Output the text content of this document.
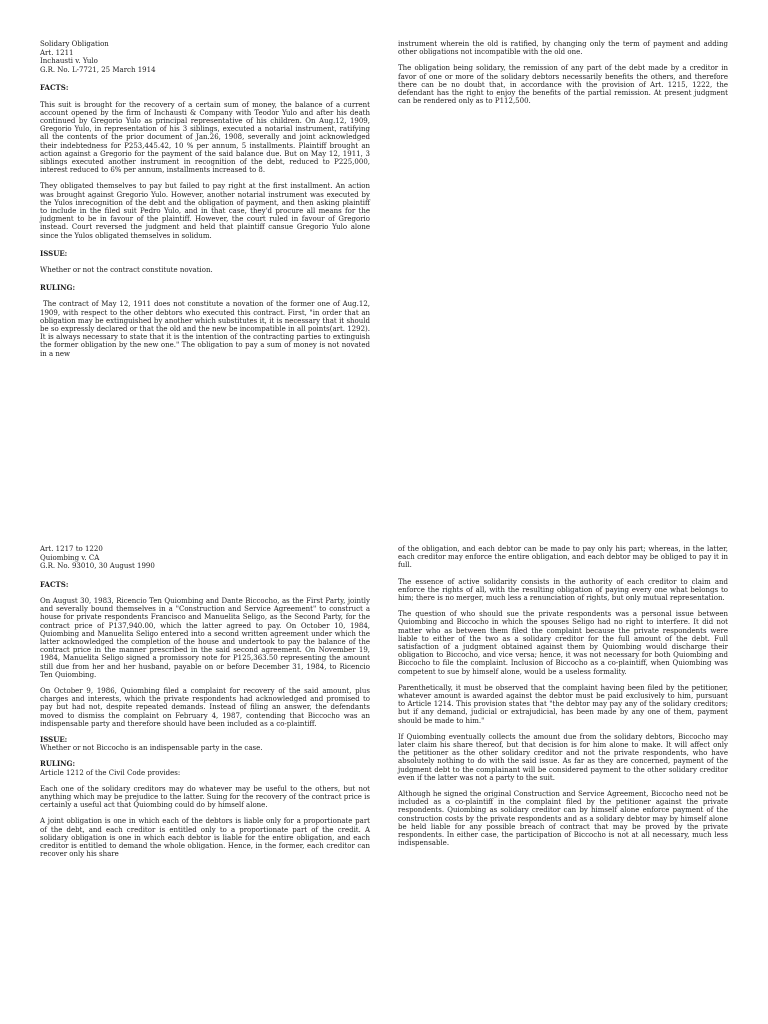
Solidary Obligation
Art. 1211
Inchausti v. Yulo
G.R. No. L-7721, 25 March 1914
FACTS:

This suit is brought for the recovery of a certain sum of money, the balance of a current account opened by the firm of Inchausti & Company with Teodor Yulo and after his death continued by Gregorio Yulo as principal representative of his children. On Aug.12, 1909, Gregorio Yulo, in representation of his 3 siblings, executed a notarial instrument, ratifying all the contents of the prior document of Jan.26, 1908, severally and joint acknowledged their indebtedness for P253,445.42, 10 % per annum, 5 installments. Plaintiff brought an action against a Gregorio for the payment of the said balance due. But on May 12, 1911, 3 siblings executed another instrument in recognition of the debt, reduced to P225,000, interest reduced to 6% per annum, installments increased to 8.

They obligated themselves to pay but failed to pay right at the first installment. An action was brought against Gregorio Yulo. However, another notarial instrument was executed by the Yulos inrecognition of the debt and the obligation of payment, and then asking plaintiff to include in the filed suit Pedro Yulo, and in that case, they'd procure all means for the judgment to be in favour of the plaintiff. However, the court ruled in favour of Gregorio instead. Court reversed the judgment and held that plaintiff cansue Gregorio Yulo alone since the Yulos obligated themselves in solidum.

ISSUE:

Whether or not the contract constitute novation.

RULING:

The contract of May 12, 1911 does not constitute a novation of the former one of Aug.12, 1909, with respect to the other debtors who executed this contract. First, "in order that an obligation may be extinguished by another which substitutes it, it is necessary that it should be so expressly declared or that the old and the new be incompatible in all points(art. 1292). It is always necessary to state that it is the intention of the contracting parties to extinguish the former obligation by the new one." The obligation to pay a sum of money is not novated in a new

instrument wherein the old is ratified, by changing only the term of payment and adding other obligations not incompatible with the old one.

The obligation being solidary, the remission of any part of the debt made by a creditor in favor of one or more of the solidary debtors necessarily benefits the others, and therefore there can be no doubt that, in accordance with the provision of Art. 1215, 1222, the defendant has the right to enjoy the benefits of the partial remission. At present judgment can be rendered only as to P112,500.

Art. 1217 to 1220
Quiombing v. CA
G.R. No. 93010, 30 August 1990
FACTS:

On August 30, 1983, Ricencio Ten Quiombing and Dante Biccocho, as the First Party, jointly and severally bound themselves in a "Construction and Service Agreement" to construct a house for private respondents Francisco and Manuelita Seligo, as the Second Party, for the contract price of P137,940.00, which the latter agreed to pay. On October 10, 1984, Quiombing and Manuelita Seligo entered into a second written agreement under which the latter acknowledged the completion of the house and undertook to pay the balance of the contract price in the manner prescribed in the said second agreement. On November 19, 1984, Manuelita Seligo signed a promissory note for P125,363.50 representing the amount still due from her and her husband, payable on or before December 31, 1984, to Ricencio Ten Quiombing.

On October 9, 1986, Quiombing filed a complaint for recovery of the said amount, plus charges and interests, which the private respondents had acknowledged and promised to pay but had not, despite repeated demands. Instead of filing an answer, the defendants moved to dismiss the complaint on February 4, 1987, contending that Biccocho was an indispensable party and therefore should have been included as a co-plaintiff.

ISSUE:

Whether or not Biccocho is an indispensable party in the case.

RULING:

Article 1212 of the Civil Code provides:

Each one of the solidary creditors may do whatever may be useful to the others, but not anything which may be prejudice to the latter. Suing for the recovery of the contract price is certainly a useful act that Quiombing could do by himself alone.

A joint obligation is one in which each of the debtors is liable only for a proportionate part of the debt, and each creditor is entitled only to a proportionate part of the credit. A solidary obligation is one in which each debtor is liable for the entire obligation, and each creditor is entitled to demand the whole obligation. Hence, in the former, each creditor can recover only his share

of the obligation, and each debtor can be made to pay only his part; whereas, in the latter, each creditor may enforce the entire obligation, and each debtor may be obliged to pay it in full.

The essence of active solidarity consists in the authority of each creditor to claim and enforce the rights of all, with the resulting obligation of paying every one what belongs to him; there is no merger, much less a renunciation of rights, but only mutual representation.

The question of who should sue the private respondents was a personal issue between Quiombing and Biccocho in which the spouses Seligo had no right to interfere. It did not matter who as between them filed the complaint because the private respondents were liable to either of the two as a solidary creditor for the full amount of the debt. Full satisfaction of a judgment obtained against them by Quiombing would discharge their obligation to Biccocho, and vice versa; hence, it was not necessary for both Quiombing and Biccocho to file the complaint. Inclusion of Biccocho as a co-plaintiff, when Quiombing was competent to sue by himself alone, would be a useless formality.

Parenthetically, it must be observed that the complaint having been filed by the petitioner, whatever amount is awarded against the debtor must be paid exclusively to him, pursuant to Article 1214. This provision states that "the debtor may pay any of the solidary creditors; but if any demand, judicial or extrajudicial, has been made by any one of them, payment should be made to him."

If Quiombing eventually collects the amount due from the solidary debtors, Biccocho may later claim his share thereof, but that decision is for him alone to make. It will affect only the petitioner as the other solidary creditor and not the private respondents, who have absolutely nothing to do with the said issue. As far as they are concerned, payment of the judgment debt to the complainant will be considered payment to the other solidary creditor even if the latter was not a party to the suit.

Although he signed the original Construction and Service Agreement, Biccocho need not be included as a co-plaintiff in the complaint filed by the petitioner against the private respondents. Quiombing as solidary creditor can by himself alone enforce payment of the construction costs by the private respondents and as a solidary debtor may by himself alone be held liable for any possible breach of contract that may be proved by the private respondents. In either case, the participation of Biccocho is not at all necessary, much less indispensable.
